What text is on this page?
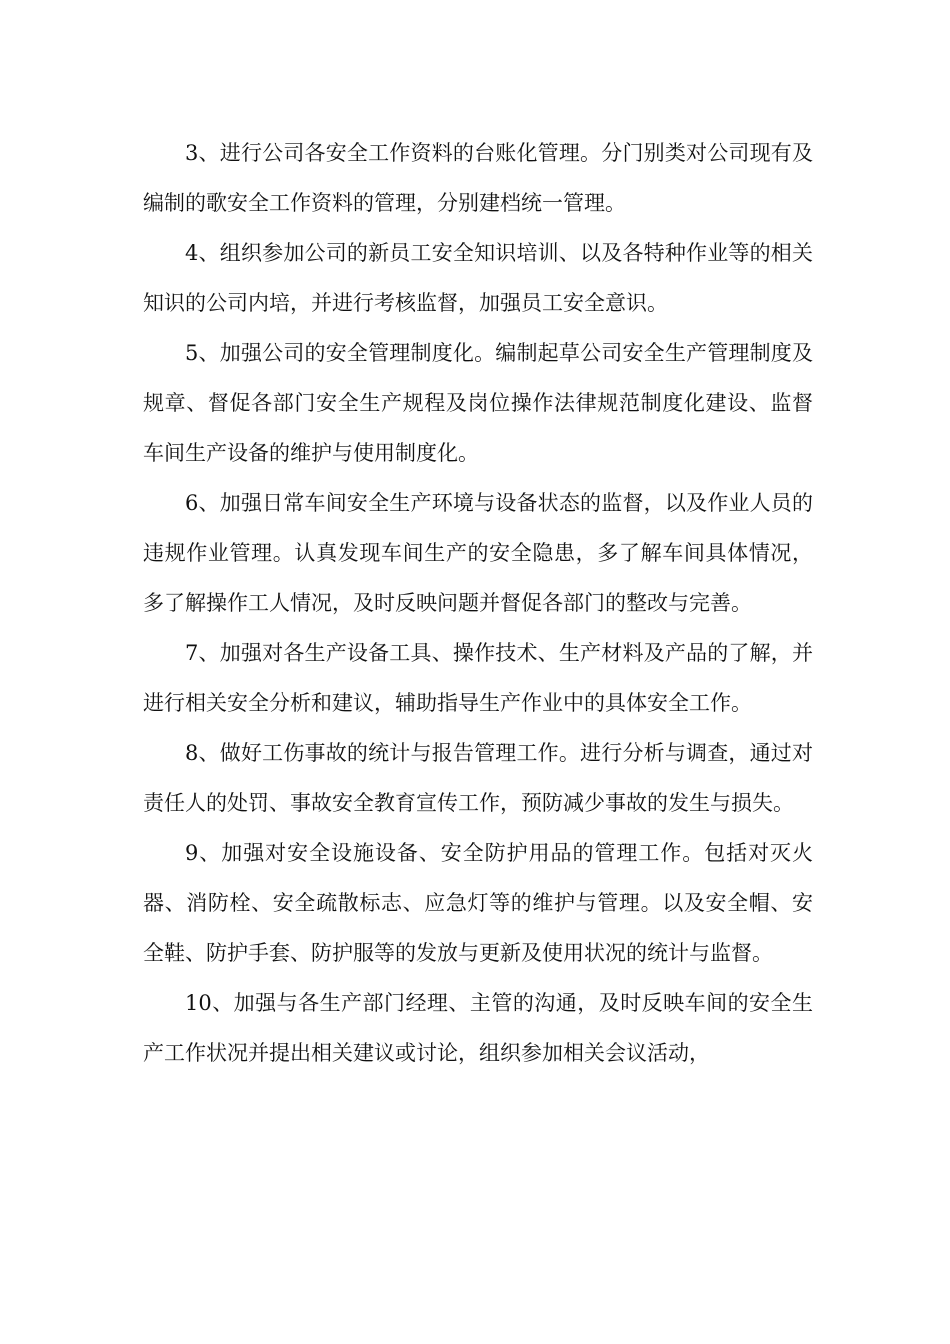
3、进行公司各安全工作资料的台账化管理。分门别类对公司现有及编制的歌安全工作资料的管理，分别建档统一管理。

4、组织参加公司的新员工安全知识培训、以及各特种作业等的相关知识的公司内培，并进行考核监督，加强员工安全意识。

5、加强公司的安全管理制度化。编制起草公司安全生产管理制度及规章、督促各部门安全生产规程及岗位操作法律规范制度化建设、监督车间生产设备的维护与使用制度化。

6、加强日常车间安全生产环境与设备状态的监督，以及作业人员的违规作业管理。认真发现车间生产的安全隐患，多了解车间具体情况，多了解操作工人情况，及时反映问题并督促各部门的整改与完善。

7、加强对各生产设备工具、操作技术、生产材料及产品的了解，并进行相关安全分析和建议，辅助指导生产作业中的具体安全工作。

8、做好工伤事故的统计与报告管理工作。进行分析与调查，通过对责任人的处罚、事故安全教育宣传工作，预防减少事故的发生与损失。

9、加强对安全设施设备、安全防护用品的管理工作。包括对灭火器、消防栓、安全疏散标志、应急灯等的维护与管理。以及安全帽、安全鞋、防护手套、防护服等的发放与更新及使用状况的统计与监督。

10、加强与各生产部门经理、主管的沟通，及时反映车间的安全生产工作状况并提出相关建议或讨论，组织参加相关会议活动，
